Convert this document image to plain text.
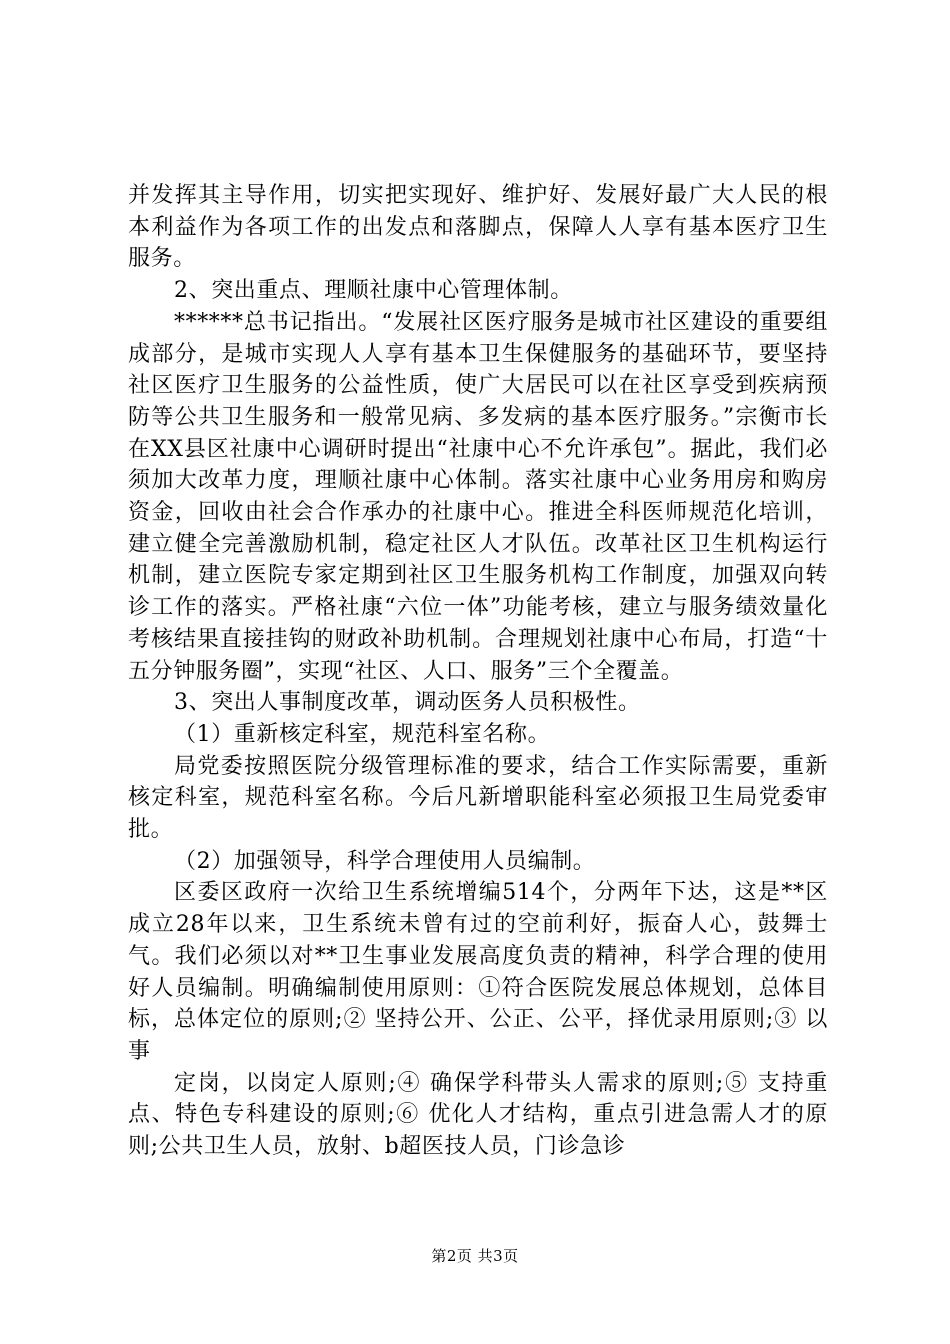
并发挥其主导作用，切实把实现好、维护好、发展好最广大人民的根本利益作为各项工作的出发点和落脚点，保障人人享有基本医疗卫生服务。

2、突出重点、理顺社康中心管理体制。

******总书记指出。“发展社区医疗服务是城市社区建设的重要组成部分，是城市实现人人享有基本卫生保健服务的基础环节，要坚持社区医疗卫生服务的公益性质，使广大居民可以在社区享受到疾病预防等公共卫生服务和一般常见病、多发病的基本医疗服务。”宗衡市长在XX县区社康中心调研时提出“社康中心不允许承包”。据此，我们必须加大改革力度，理顺社康中心体制。落实社康中心业务用房和购房资金，回收由社会合作承办的社康中心。推进全科医师规范化培训，建立健全完善激励机制，稳定社区人才队伍。改革社区卫生机构运行机制，建立医院专家定期到社区卫生服务机构工作制度，加强双向转诊工作的落实。严格社康“六位一体”功能考核，建立与服务绩效量化考核结果直接挂钩的财政补助机制。合理规划社康中心布局，打造“十五分钟服务圈”，实现“社区、人口、服务”三个全覆盖。

3、突出人事制度改革，调动医务人员积极性。

（1）重新核定科室，规范科室名称。

局党委按照医院分级管理标准的要求，结合工作实际需要，重新核定科室，规范科室名称。今后凡新增职能科室必须报卫生局党委审批。

（2）加强领导，科学合理使用人员编制。

区委区政府一次给卫生系统增编514个，分两年下达，这是**区成立28年以来，卫生系统未曾有过的空前利好，振奋人心，鼓舞士气。我们必须以对**卫生事业发展高度负责的精神，科学合理的使用好人员编制。明确编制使用原则：①符合医院发展总体规划，总体目标，总体定位的原则;② 坚持公开、公正、公平，择优录用原则;③ 以事

定岗，以岗定人原则;④ 确保学科带头人需求的原则;⑤ 支持重点、特色专科建设的原则;⑥ 优化人才结构，重点引进急需人才的原则;公共卫生人员，放射、b超医技人员，门诊急诊

第2页 共3页
